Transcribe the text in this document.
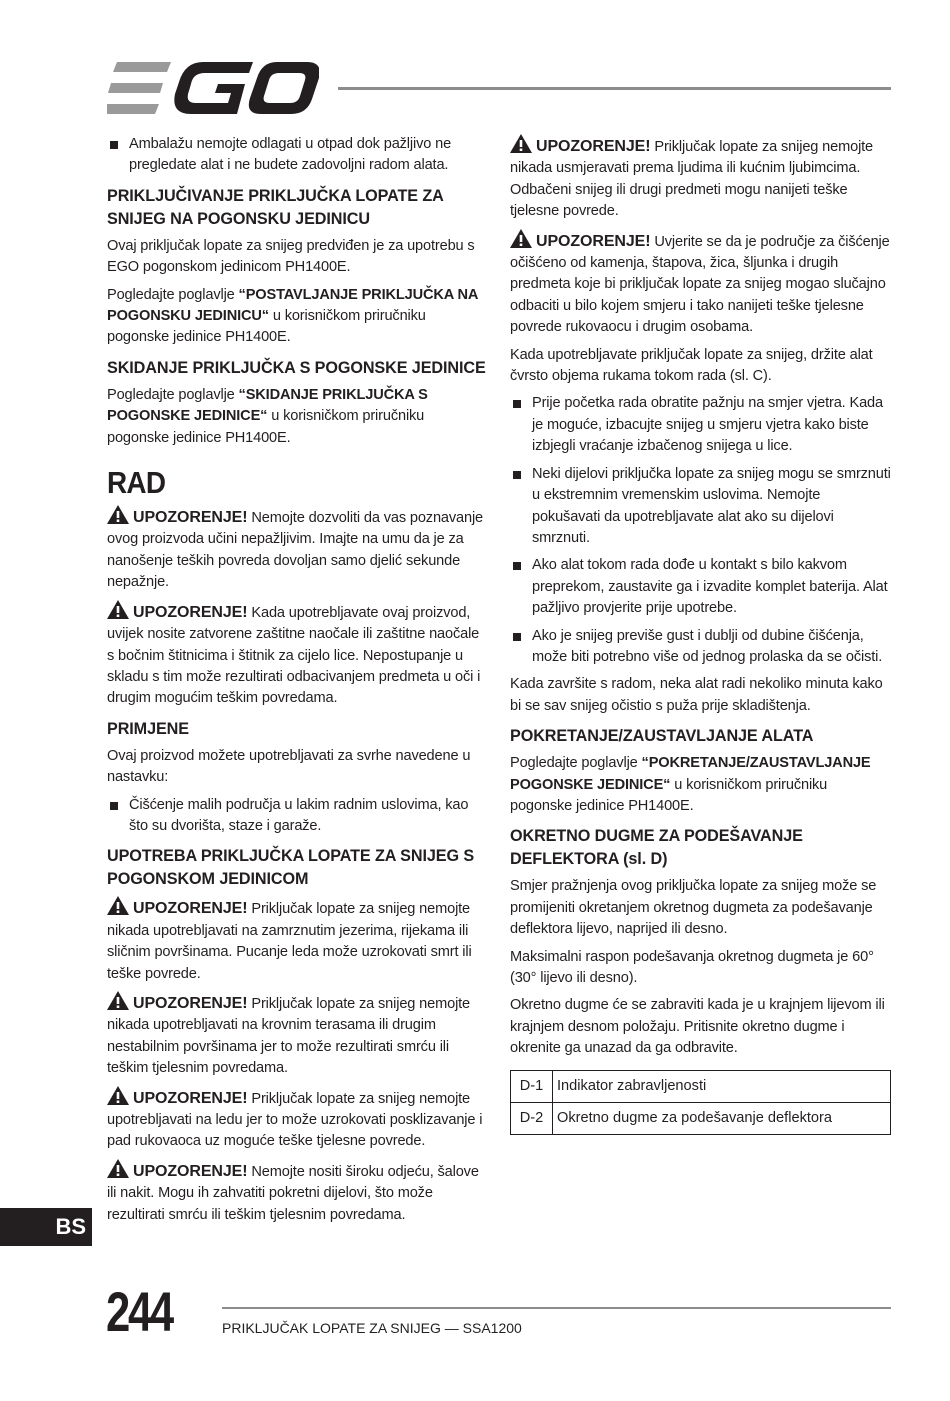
Ambalažu nemojte odlagati u otpad dok pažljivo ne pregledate alat i ne budete zadovoljni radom alata.
PRIKLJUČIVANJE PRIKLJUČKA LOPATE ZA SNIJEG NA POGONSKU JEDINICU

Ovaj priključak lopate za snijeg predviđen je za upotrebu s EGO pogonskom jedinicom PH1400E.

Pogledajte poglavlje “POSTAVLJANJE PRIKLJUČKA NA POGONSKU JEDINICU“ u korisničkom priručniku pogonske jedinice PH1400E.

SKIDANJE PRIKLJUČKA S POGONSKE JEDINICE

Pogledajte poglavlje “SKIDANJE PRIKLJUČKA S POGONSKE JEDINICE“ u korisničkom priručniku pogonske jedinice PH1400E.

RAD

UPOZORENJE! Nemojte dozvoliti da vas poznavanje ovog proizvoda učini nepažljivim. Imajte na umu da je za nanošenje teških povreda dovoljan samo djelić sekunde nepažnje.

UPOZORENJE! Kada upotrebljavate ovaj proizvod, uvijek nosite zatvorene zaštitne naočale ili zaštitne naočale s bočnim štitnicima i štitnik za cijelo lice. Nepostupanje u skladu s tim može rezultirati odbacivanjem predmeta u oči i drugim mogućim teškim povredama.

PRIMJENE

Ovaj proizvod možete upotrebljavati za svrhe navedene u nastavku:

Čišćenje malih područja u lakim radnim uslovima, kao što su dvorišta, staze i garaže.
UPOTREBA PRIKLJUČKA LOPATE ZA SNIJEG S POGONSKOM JEDINICOM

UPOZORENJE! Priključak lopate za snijeg nemojte nikada upotrebljavati na zamrznutim jezerima, rijekama ili sličnim površinama. Pucanje leda može uzrokovati smrt ili teške povrede.

UPOZORENJE! Priključak lopate za snijeg nemojte nikada upotrebljavati na krovnim terasama ili drugim nestabilnim površinama jer to može rezultirati smrću ili teškim tjelesnim povredama.

UPOZORENJE! Priključak lopate za snijeg nemojte upotrebljavati na ledu jer to može uzrokovati posklizavanje i pad rukovaoca uz moguće teške tjelesne povrede.

UPOZORENJE! Nemojte nositi široku odjeću, šalove ili nakit. Mogu ih zahvatiti pokretni dijelovi, što može rezultirati smrću ili teškim tjelesnim povredama.

UPOZORENJE! Priključak lopate za snijeg nemojte nikada usmjeravati prema ljudima ili kućnim ljubimcima. Odbačeni snijeg ili drugi predmeti mogu nanijeti teške tjelesne povrede.

UPOZORENJE! Uvjerite se da je područje za čišćenje očišćeno od kamenja, štapova, žica, šljunka i drugih predmeta koje bi priključak lopate za snijeg mogao slučajno odbaciti u bilo kojem smjeru i tako nanijeti teške tjelesne povrede rukovaocu i drugim osobama.

Kada upotrebljavate priključak lopate za snijeg, držite alat čvrsto objema rukama tokom rada (sl. C).

Prije početka rada obratite pažnju na smjer vjetra. Kada je moguće, izbacujte snijeg u smjeru vjetra kako biste izbjegli vraćanje izbačenog snijega u lice.
Neki dijelovi priključka lopate za snijeg mogu se smrznuti u ekstremnim vremenskim uslovima. Nemojte pokušavati da upotrebljavate alat ako su dijelovi smrznuti.
Ako alat tokom rada dođe u kontakt s bilo kakvom preprekom, zaustavite ga i izvadite komplet baterija. Alat pažljivo provjerite prije upotrebe.
Ako je snijeg previše gust i dublji od dubine čišćenja, može biti potrebno više od jednog prolaska da se očisti.

Kada završite s radom, neka alat radi nekoliko minuta kako bi se sav snijeg očistio s puža prije skladištenja.

POKRETANJE/ZAUSTAVLJANJE ALATA

Pogledajte poglavlje “POKRETANJE/ZAUSTAVLJANJE POGONSKE JEDINICE“ u korisničkom priručniku pogonske jedinice PH1400E.

OKRETNO DUGME ZA PODEŠAVANJE DEFLEKTORA (sl. D)

Smjer pražnjenja ovog priključka lopate za snijeg može se promijeniti okretanjem okretnog dugmeta za podešavanje deflektora lijevo, naprijed ili desno.

Maksimalni raspon podešavanja okretnog dugmeta je 60° (30° lijevo ili desno).

Okretno dugme će se zabraviti kada je u krajnjem lijevom ili krajnjem desnom položaju. Pritisnite okretno dugme i okrenite ga unazad da ga odbravite.

D-1	Indikator zabravljenosti
D-2	Okretno dugme za podešavanje deflektora
BS
244	PRIKLJUČAK LOPATE ZA SNIJEG — SSA1200
